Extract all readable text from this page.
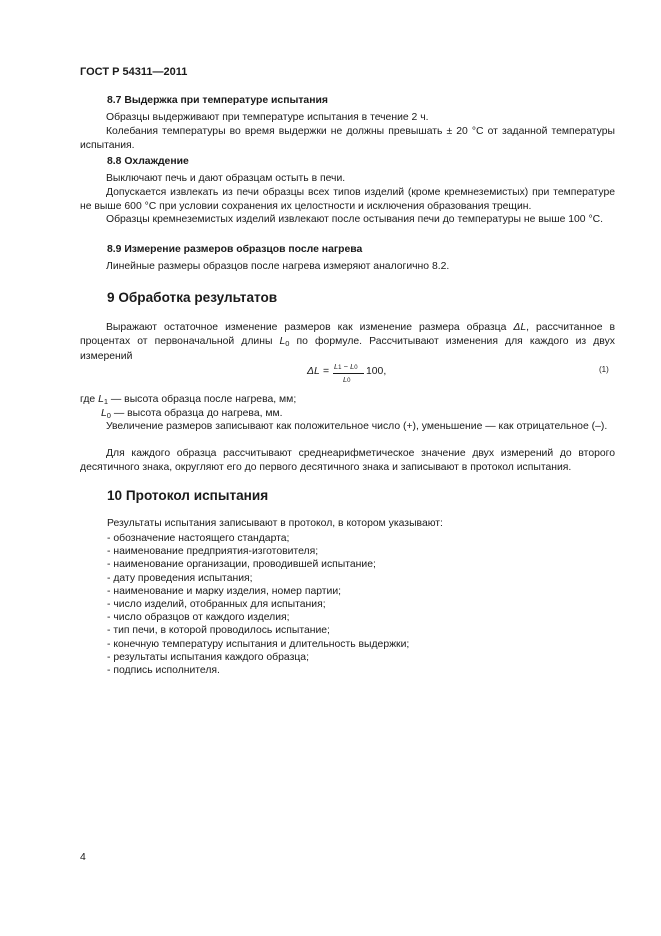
ГОСТ Р 54311—2011
8.7 Выдержка при температуре испытания
Образцы выдерживают при температуре испытания в течение 2 ч.
Колебания температуры во время выдержки не должны превышать ± 20 °С от заданной температуры испытания.
8.8 Охлаждение
Выключают печь и дают образцам остыть в печи.
Допускается извлекать из печи образцы всех типов изделий (кроме кремнеземистых) при температуре не выше 600 °С при условии сохранения их целостности и исключения образования трещин.
Образцы кремнеземистых изделий извлекают после остывания печи до температуры не выше 100 °С.
8.9 Измерение размеров образцов после нагрева
Линейные размеры образцов после нагрева измеряют аналогично 8.2.
9 Обработка результатов
Выражают остаточное изменение размеров как изменение размера образца ΔL, рассчитанное в процентах от первоначальной длины $L_0$ по формуле. Рассчитывают изменения для каждого из двух измерений
ΔL = L1 − L0
L0
100,	(1)
где $L_1$ — высота образца после нагрева, мм;
$L_0$ — высота образца до нагрева, мм.
Увеличение размеров записывают как положительное число (+), уменьшение — как отрицательное (–).
Для каждого образца рассчитывают среднеарифметическое значение двух измерений до второго десятичного знака, округляют его до первого десятичного знака и записывают в протокол испытания.
10 Протокол испытания
Результаты испытания записывают в протокол, в котором указывают:
- обозначение настоящего стандарта;
- наименование предприятия-изготовителя;
- наименование организации, проводившей испытание;
- дату проведения испытания;
- наименование и марку изделия, номер партии;
- число изделий, отобранных для испытания;
- число образцов от каждого изделия;
- тип печи, в которой проводилось испытание;
- конечную температуру испытания и длительность выдержки;
- результаты испытания каждого образца;
- подпись исполнителя.
4
